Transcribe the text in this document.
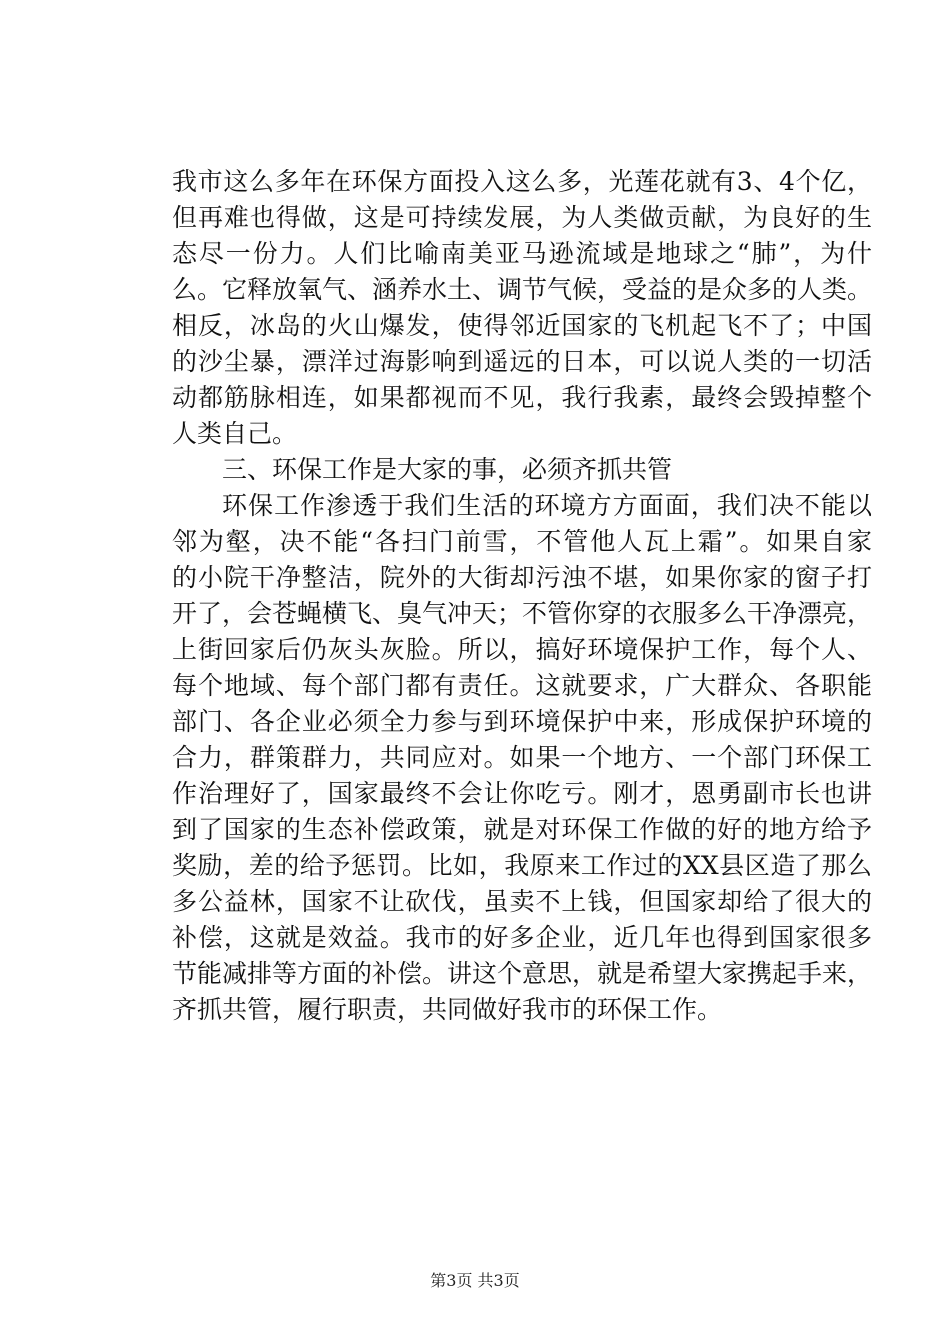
我市这么多年在环保方面投入这么多，光莲花就有3、4个亿，
但再难也得做，这是可持续发展，为人类做贡献，为良好的生
态尽一份力。人们比喻南美亚马逊流域是地球之“肺”，为什
么。它释放氧气、涵养水土、调节气候，受益的是众多的人类。
相反，冰岛的火山爆发，使得邻近国家的飞机起飞不了；中国
的沙尘暴，漂洋过海影响到遥远的日本，可以说人类的一切活
动都筋脉相连，如果都视而不见，我行我素，最终会毁掉整个
人类自己。
三、环保工作是大家的事，必须齐抓共管
环保工作渗透于我们生活的环境方方面面，我们决不能以
邻为壑，决不能“各扫门前雪，不管他人瓦上霜”。如果自家
的小院干净整洁，院外的大街却污浊不堪，如果你家的窗子打
开了，会苍蝇横飞、臭气冲天；不管你穿的衣服多么干净漂亮，
上街回家后仍灰头灰脸。所以，搞好环境保护工作，每个人、
每个地域、每个部门都有责任。这就要求，广大群众、各职能
部门、各企业必须全力参与到环境保护中来，形成保护环境的
合力，群策群力，共同应对。如果一个地方、一个部门环保工
作治理好了，国家最终不会让你吃亏。刚才，恩勇副市长也讲
到了国家的生态补偿政策，就是对环保工作做的好的地方给予
奖励，差的给予惩罚。比如，我原来工作过的XX县区造了那么
多公益林，国家不让砍伐，虽卖不上钱，但国家却给了很大的
补偿，这就是效益。我市的好多企业，近几年也得到国家很多
节能减排等方面的补偿。讲这个意思，就是希望大家携起手来，
齐抓共管，履行职责，共同做好我市的环保工作。
第3页 共3页
